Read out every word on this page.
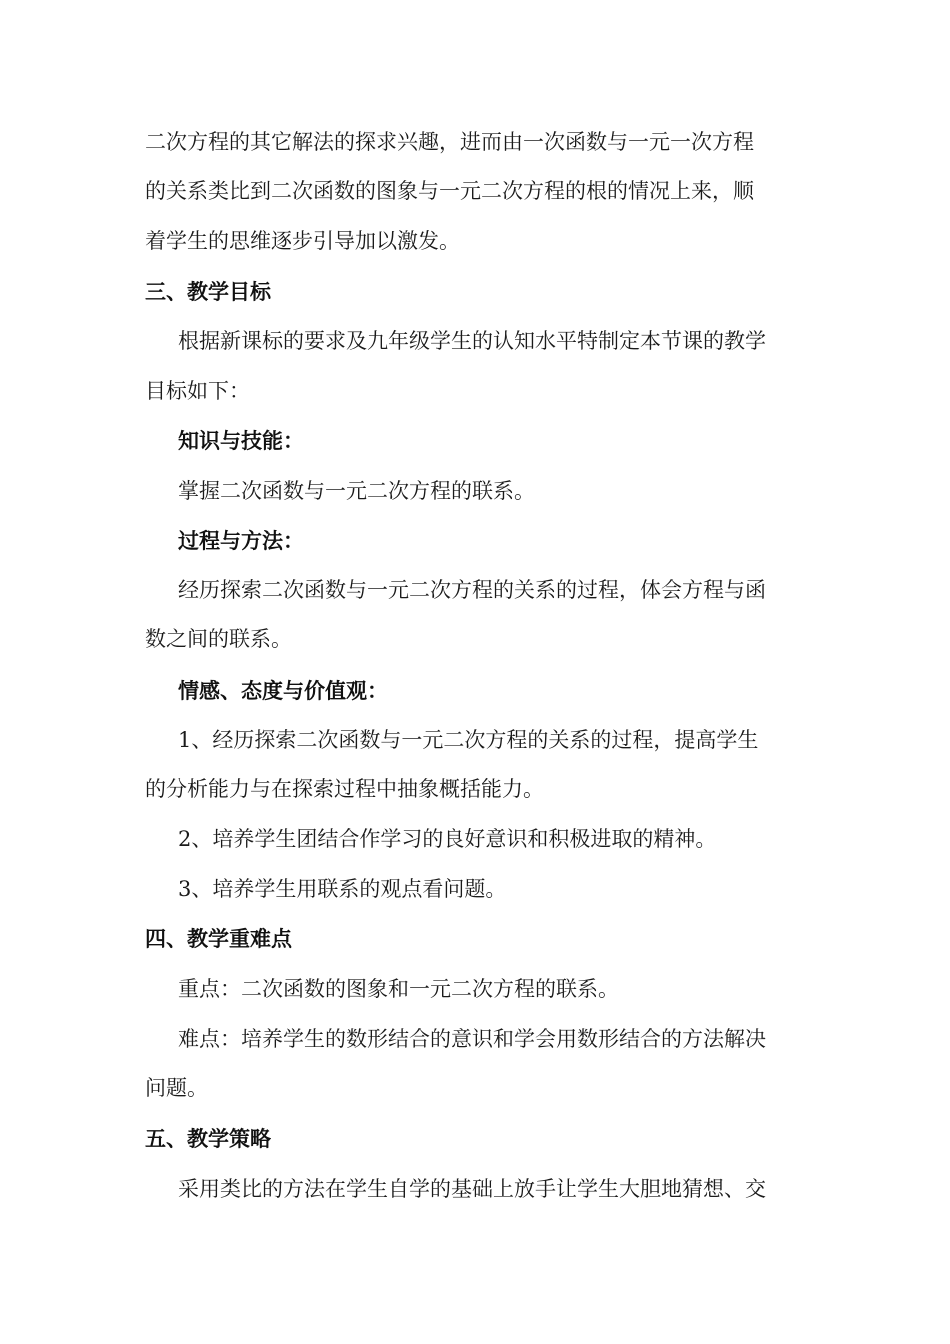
二次方程的其它解法的探求兴趣，进而由一次函数与一元一次方程
的关系类比到二次函数的图象与一元二次方程的根的情况上来，顺
着学生的思维逐步引导加以激发。
三、教学目标
根据新课标的要求及九年级学生的认知水平特制定本节课的教学
目标如下：
知识与技能：
掌握二次函数与一元二次方程的联系。
过程与方法：
经历探索二次函数与一元二次方程的关系的过程，体会方程与函
数之间的联系。
情感、态度与价值观：
1、经历探索二次函数与一元二次方程的关系的过程，提高学生
的分析能力与在探索过程中抽象概括能力。
2、培养学生团结合作学习的良好意识和积极进取的精神。
3、培养学生用联系的观点看问题。
四、教学重难点
重点：二次函数的图象和一元二次方程的联系。
难点：培养学生的数形结合的意识和学会用数形结合的方法解决
问题。
五、教学策略
采用类比的方法在学生自学的基础上放手让学生大胆地猜想、交
